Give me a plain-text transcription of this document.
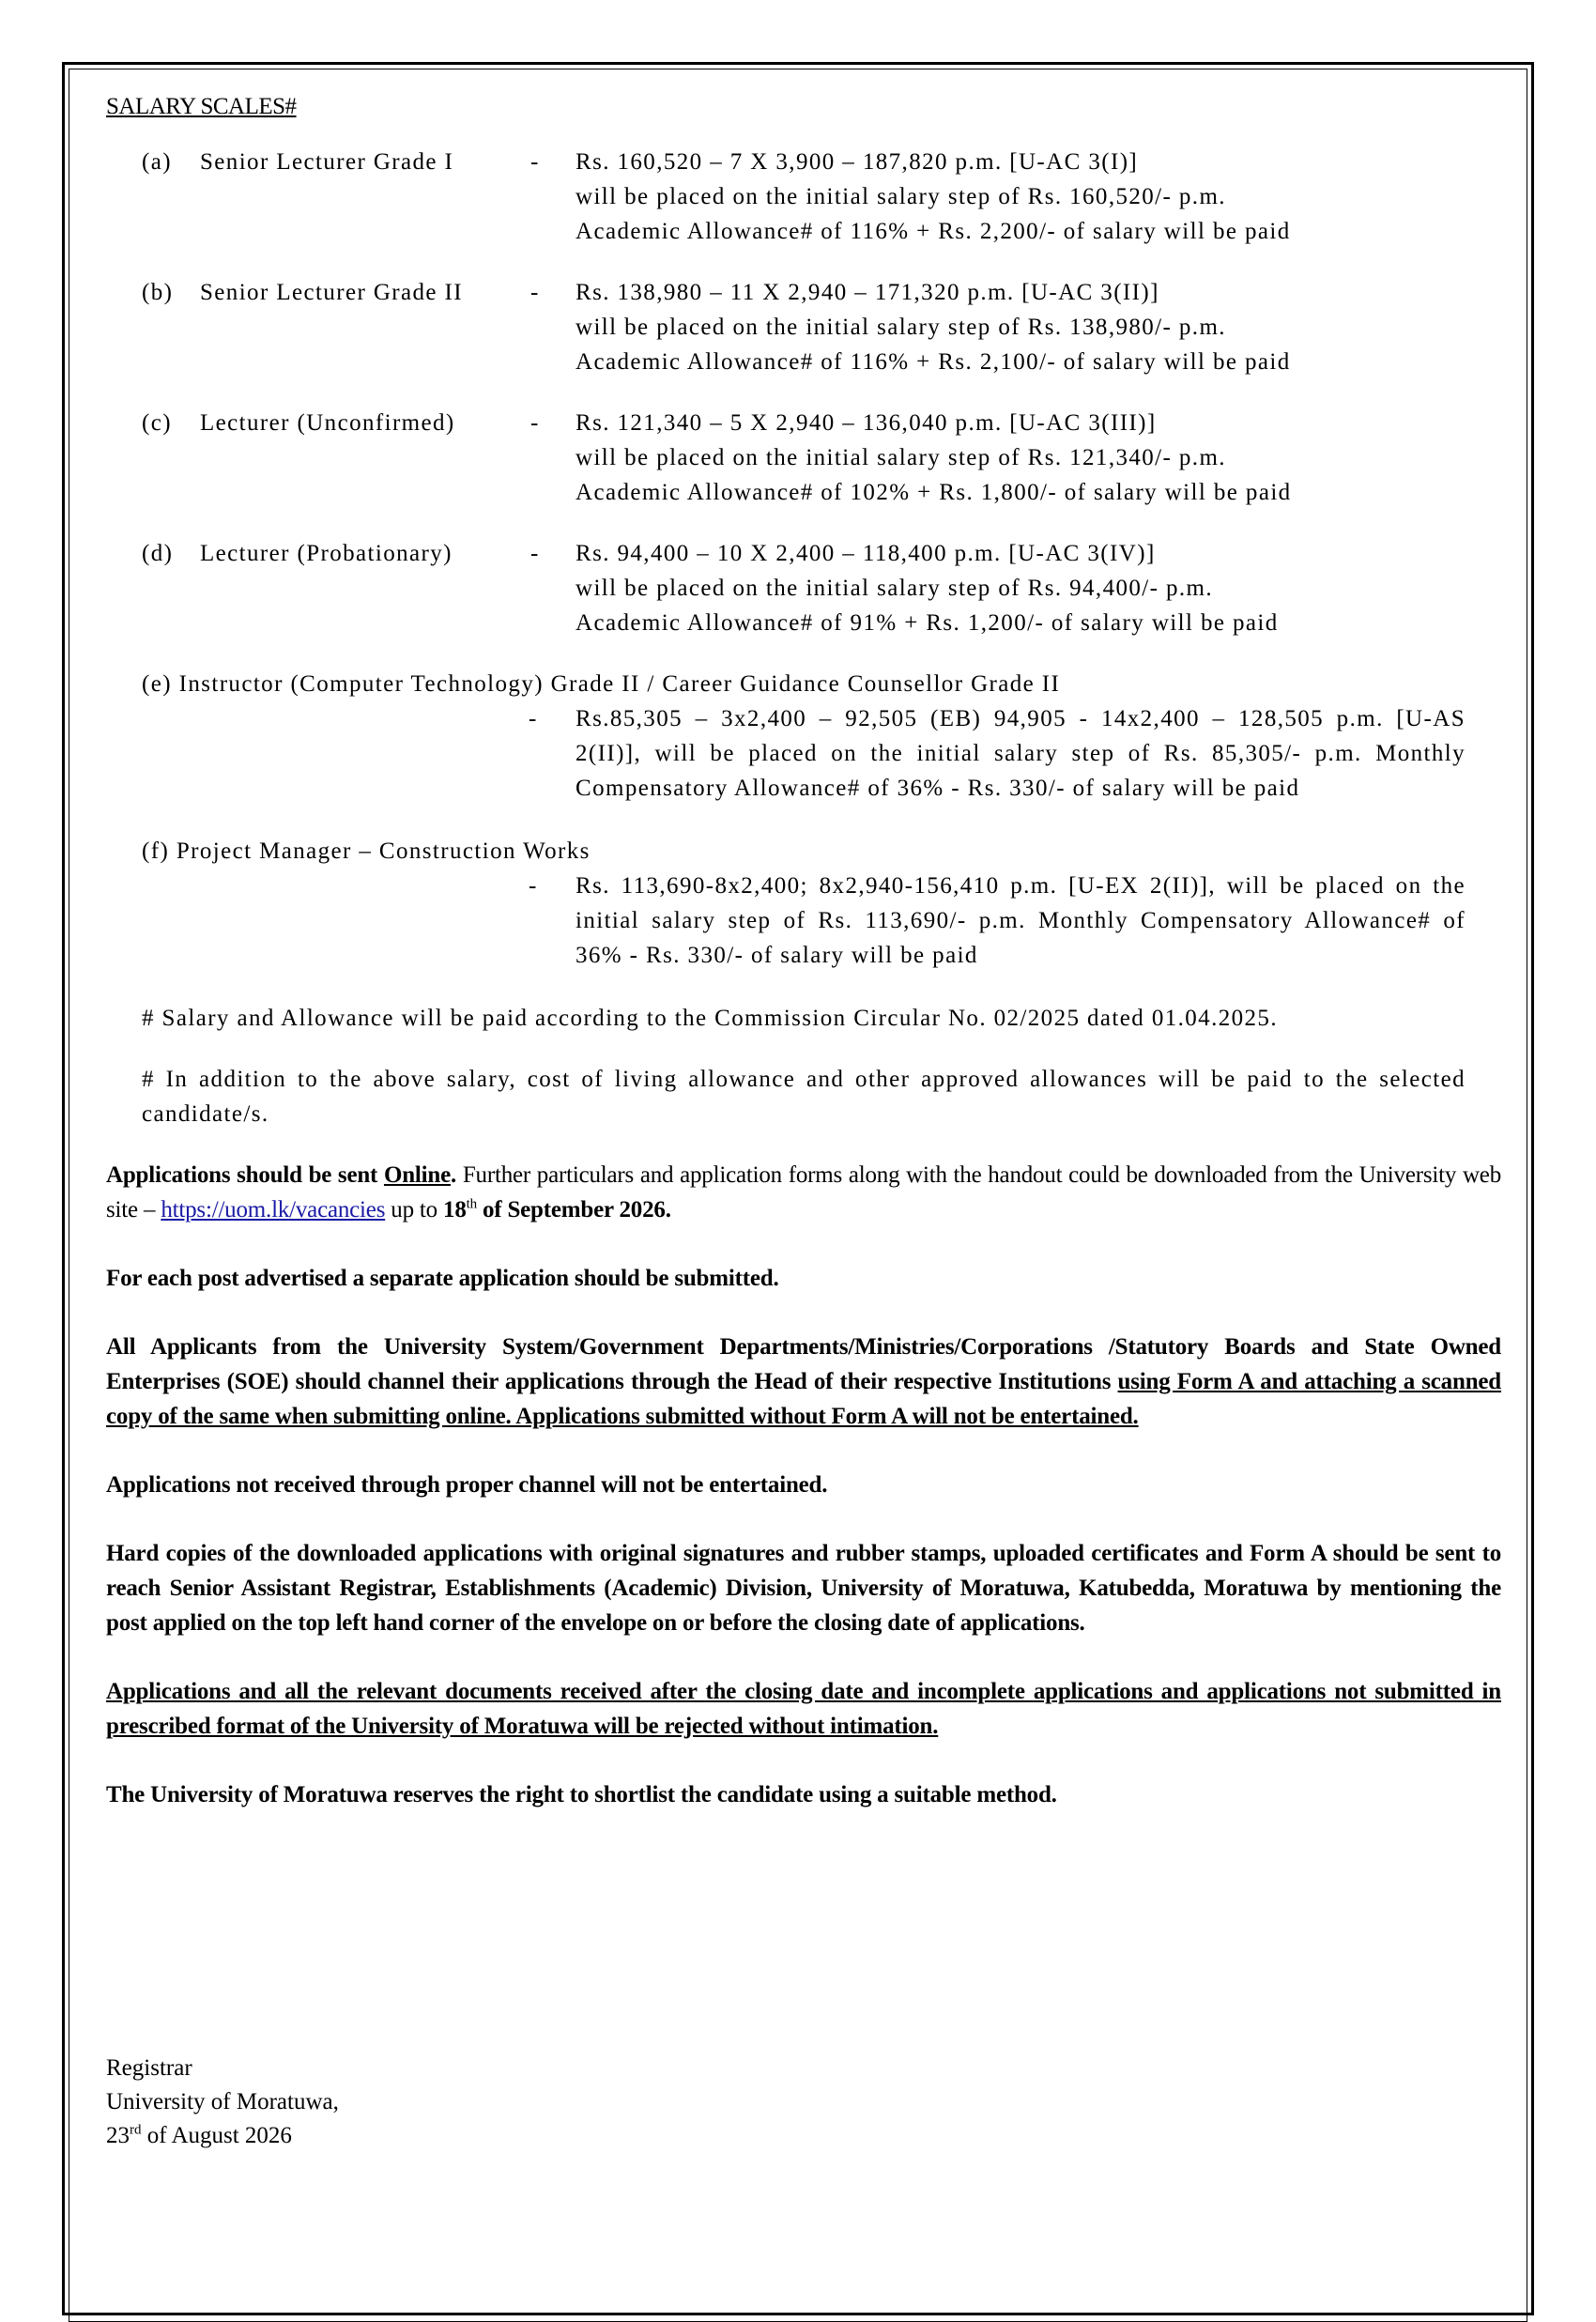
SALARY SCALES#
(a)	Senior Lecturer Grade I	-	Rs. 160,520 – 7 X 3,900 – 187,820 p.m. [U-AC 3(I)]
will be placed on the initial salary step of Rs. 160,520/- p.m.
Academic Allowance# of 116% + Rs. 2,200/- of salary will be paid
(b)	Senior Lecturer Grade II	-	Rs. 138,980 – 11 X 2,940 – 171,320 p.m. [U-AC 3(II)]
will be placed on the initial salary step of Rs. 138,980/- p.m.
Academic Allowance# of 116% + Rs. 2,100/- of salary will be paid
(c)	Lecturer (Unconfirmed)	-	Rs. 121,340 – 5 X 2,940 – 136,040 p.m. [U-AC 3(III)]
will be placed on the initial salary step of Rs. 121,340/- p.m.
Academic Allowance# of 102% + Rs. 1,800/- of salary will be paid
(d)	Lecturer (Probationary)	-	Rs. 94,400 – 10 X 2,400 – 118,400 p.m. [U-AC 3(IV)]
will be placed on the initial salary step of Rs. 94,400/- p.m.
Academic Allowance# of 91% + Rs. 1,200/- of salary will be paid
(e) Instructor (Computer Technology) Grade II / Career Guidance Counsellor Grade II
-	Rs.85,305 – 3x2,400 – 92,505 (EB) 94,905 - 14x2,400 – 128,505 p.m. [U-AS 2(II)], will be placed on the initial salary step of Rs. 85,305/- p.m. Monthly Compensatory Allowance# of 36% - Rs. 330/- of salary will be paid
(f) Project Manager – Construction Works
-	Rs. 113,690-8x2,400; 8x2,940-156,410 p.m. [U-EX 2(II)], will be placed on the initial salary step of Rs. 113,690/- p.m. Monthly Compensatory Allowance# of 36% - Rs. 330/- of salary will be paid
# Salary and Allowance will be paid according to the Commission Circular No. 02/2025 dated 01.04.2025.
# In addition to the above salary, cost of living allowance and other approved allowances will be paid to the selected candidate/s.
Applications should be sent Online. Further particulars and application forms along with the handout could be downloaded from the University web site – https://uom.lk/vacancies up to 18th of September 2026.
For each post advertised a separate application should be submitted.
All Applicants from the University System/Government Departments/Ministries/Corporations /Statutory Boards and State Owned Enterprises (SOE) should channel their applications through the Head of their respective Institutions using Form A and attaching a scanned copy of the same when submitting online. Applications submitted without Form A will not be entertained.
Applications not received through proper channel will not be entertained.
Hard copies of the downloaded applications with original signatures and rubber stamps, uploaded certificates and Form A should be sent to reach Senior Assistant Registrar, Establishments (Academic) Division, University of Moratuwa, Katubedda, Moratuwa by mentioning the post applied on the top left hand corner of the envelope on or before the closing date of applications.
Applications and all the relevant documents received after the closing date and incomplete applications and applications not submitted in prescribed format of the University of Moratuwa will be rejected without intimation.
The University of Moratuwa reserves the right to shortlist the candidate using a suitable method.
Registrar
University of Moratuwa,
23rd of August 2026
